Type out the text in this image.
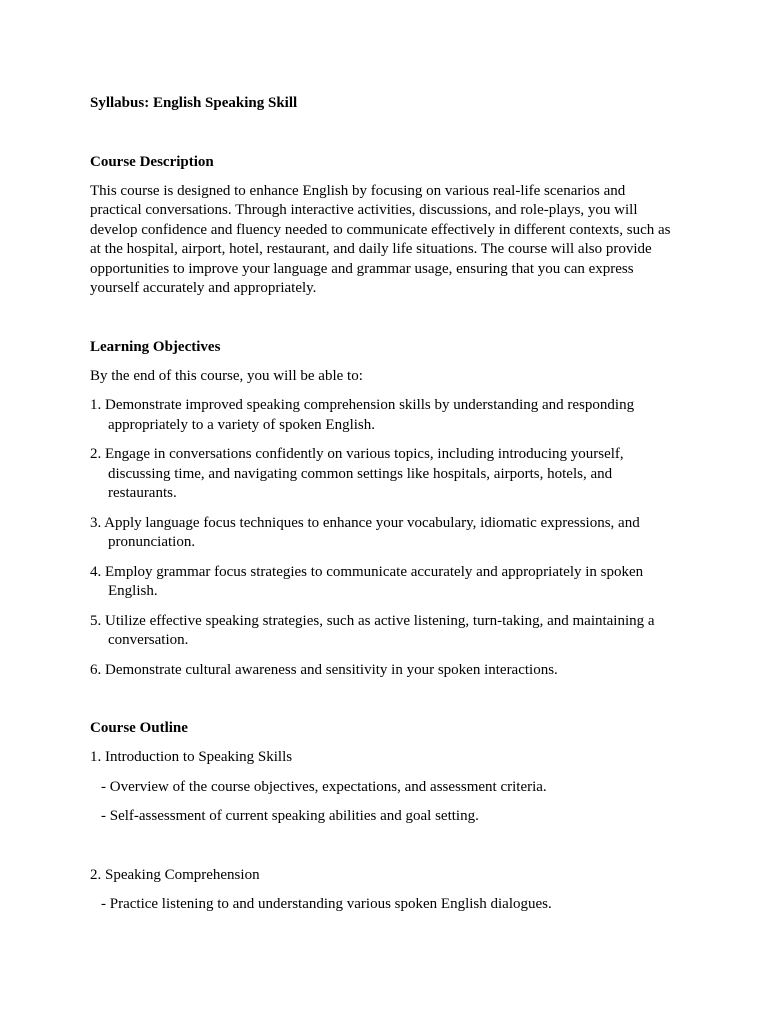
Syllabus: English Speaking Skill
Course Description

This course is designed to enhance English by focusing on various real-life scenarios and practical conversations. Through interactive activities, discussions, and role-plays, you will develop confidence and fluency needed to communicate effectively in different contexts, such as at the hospital, airport, hotel, restaurant, and daily life situations. The course will also provide opportunities to improve your language and grammar usage, ensuring that you can express yourself accurately and appropriately.

Learning Objectives

By the end of this course, you will be able to:

1. Demonstrate improved speaking comprehension skills by understanding and responding appropriately to a variety of spoken English.

2. Engage in conversations confidently on various topics, including introducing yourself, discussing time, and navigating common settings like hospitals, airports, hotels, and restaurants.

3. Apply language focus techniques to enhance your vocabulary, idiomatic expressions, and pronunciation.

4. Employ grammar focus strategies to communicate accurately and appropriately in spoken English.

5. Utilize effective speaking strategies, such as active listening, turn-taking, and maintaining a conversation.

6. Demonstrate cultural awareness and sensitivity in your spoken interactions.

Course Outline

1. Introduction to Speaking Skills

- Overview of the course objectives, expectations, and assessment criteria.

- Self-assessment of current speaking abilities and goal setting.

2. Speaking Comprehension

- Practice listening to and understanding various spoken English dialogues.
